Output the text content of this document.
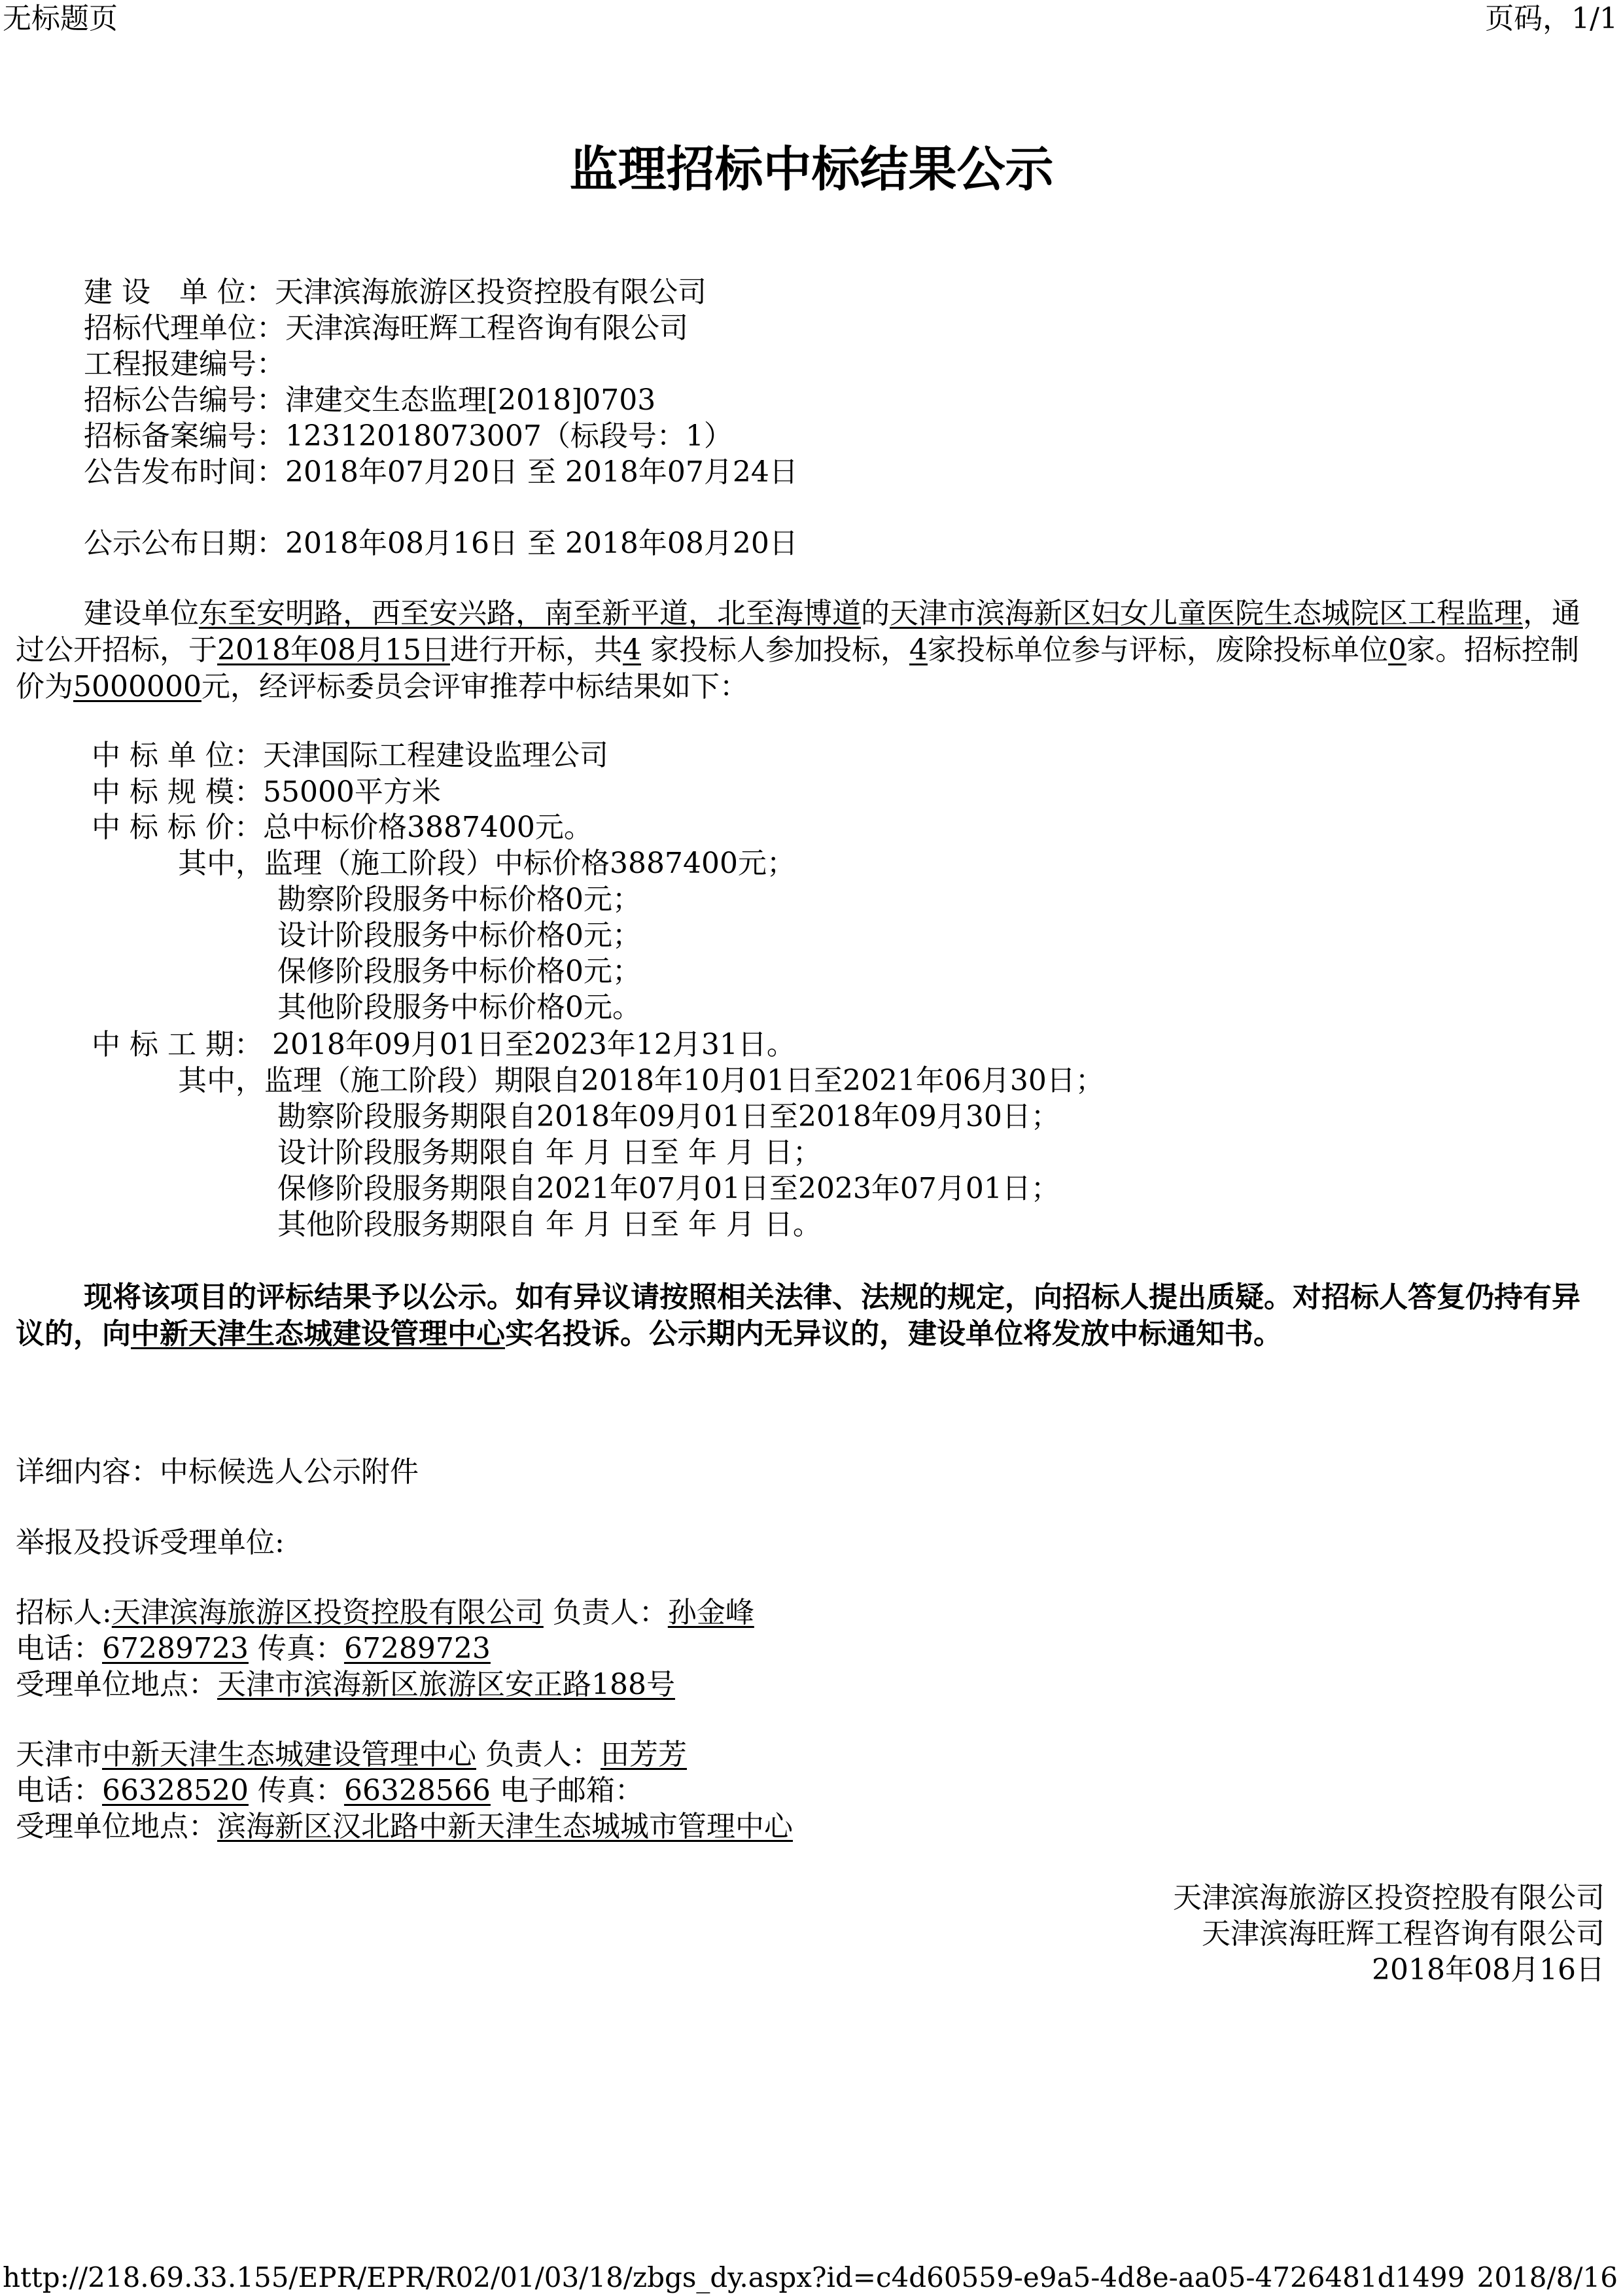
无标题页	页码，1/1
监理招标中标结果公示
建 设　单 位：天津滨海旅游区投资控股有限公司
招标代理单位：天津滨海旺辉工程咨询有限公司
工程报建编号：
招标公告编号：津建交生态监理[2018]0703
招标备案编号：12312018073007（标段号：1）
公告发布时间：2018年07月20日 至 2018年07月24日
公示公布日期：2018年08月16日 至 2018年08月20日
建设单位东至安明路，西至安兴路，南至新平道，北至海博道的天津市滨海新区妇女儿童医院生态城院区工程监理，通过公开招标，于2018年08月15日进行开标，共4 家投标人参加投标，4家投标单位参与评标，废除投标单位0家。招标控制价为5000000元，经评标委员会评审推荐中标结果如下：
中 标 单 位：天津国际工程建设监理公司
中 标 规 模：55000平方米
中 标 标 价：总中标价格3887400元。
其中，监理（施工阶段）中标价格3887400元；
勘察阶段服务中标价格0元；
设计阶段服务中标价格0元；
保修阶段服务中标价格0元；
其他阶段服务中标价格0元。
中 标 工 期： 2018年09月01日至2023年12月31日。
其中，监理（施工阶段）期限自2018年10月01日至2021年06月30日；
勘察阶段服务期限自2018年09月01日至2018年09月30日；
设计阶段服务期限自 年 月 日至 年 月 日；
保修阶段服务期限自2021年07月01日至2023年07月01日；
其他阶段服务期限自 年 月 日至 年 月 日。
现将该项目的评标结果予以公示。如有异议请按照相关法律、法规的规定，向招标人提出质疑。对招标人答复仍持有异议的，向中新天津生态城建设管理中心实名投诉。公示期内无异议的，建设单位将发放中标通知书。
详细内容：中标候选人公示附件
举报及投诉受理单位:
招标人:天津滨海旅游区投资控股有限公司 负责人：孙金峰
电话：67289723 传真：67289723
受理单位地点：天津市滨海新区旅游区安正路188号
天津市中新天津生态城建设管理中心 负责人：田芳芳
电话：66328520 传真：66328566 电子邮箱：
受理单位地点：滨海新区汉北路中新天津生态城城市管理中心
天津滨海旅游区投资控股有限公司
天津滨海旺辉工程咨询有限公司
2018年08月16日
http://218.69.33.155/EPR/EPR/R02/01/03/18/zbgs_dy.aspx?id=c4d60559-e9a5-4d8e-aa05-4726481d1499 2018/8/16
